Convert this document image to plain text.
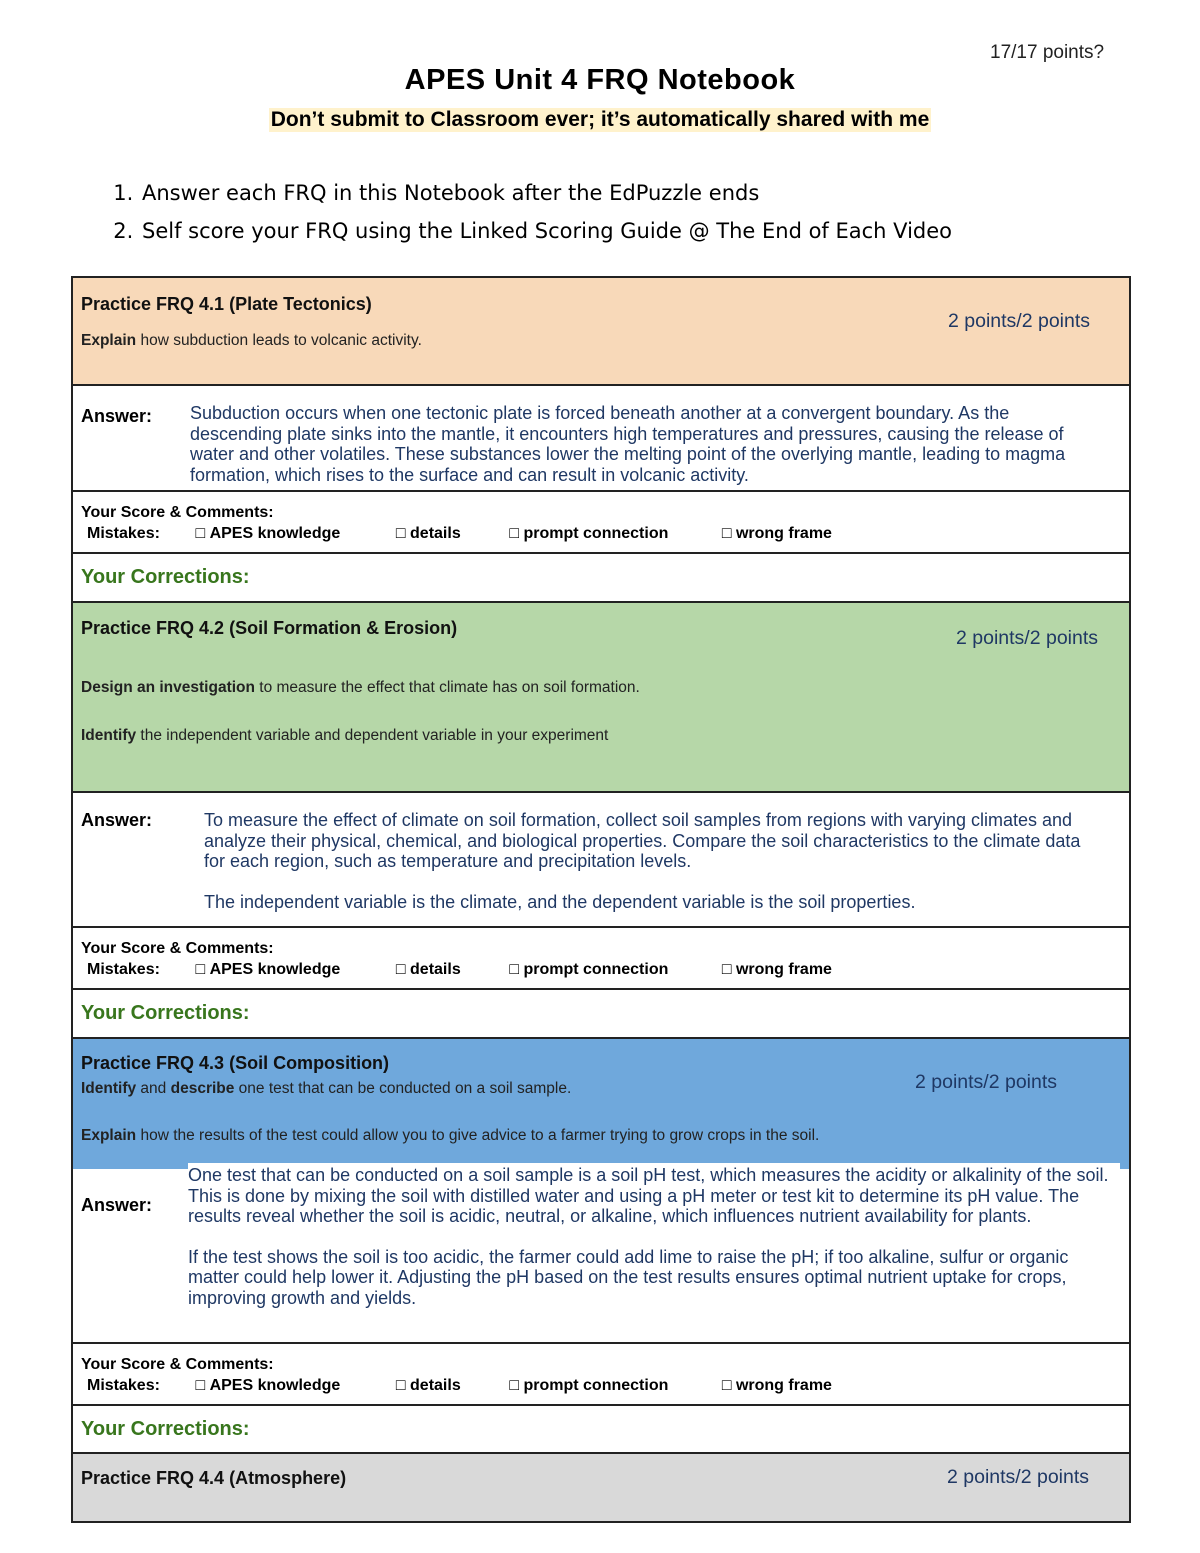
17/17 points?
APES Unit 4 FRQ Notebook
Don’t submit to Classroom ever; it’s automatically shared with me
1. Answer each FRQ in this Notebook after the EdPuzzle ends
2. Self score your FRQ using the Linked Scoring Guide @ The End of Each Video
Practice FRQ 4.1 (Plate Tectonics)
2 points/2 points
Explain how subduction leads to volcanic activity.
Answer: Subduction occurs when one tectonic plate is forced beneath another at a convergent boundary. As the descending plate sinks into the mantle, it encounters high temperatures and pressures, causing the release of water and other volatiles. These substances lower the melting point of the overlying mantle, leading to magma formation, which rises to the surface and can result in volcanic activity.

Your Score & Comments:
Mistakes: □ APES knowledge	□ details	□ prompt connection	□ wrong frame
Your Corrections:
Practice FRQ 4.2 (Soil Formation & Erosion)	2 points/2 points
Design an investigation to measure the effect that climate has on soil formation.
Identify the independent variable and dependent variable in your experiment
Answer:	To measure the effect of climate on soil formation, collect soil samples from regions with varying climates and analyze their physical, chemical, and biological properties. Compare the soil characteristics to the climate data for each region, such as temperature and precipitation levels.

The independent variable is the climate, and the dependent variable is the soil properties.

Your Score & Comments:
Mistakes: □ APES knowledge	□ details	□ prompt connection	□ wrong frame
Your Corrections:
Practice FRQ 4.3 (Soil Composition)
2 points/2 points
Identify and describe one test that can be conducted on a soil sample.
Explain how the results of the test could allow you to give advice to a farmer trying to grow crops in the soil.
Answer:

One test that can be conducted on a soil sample is a soil pH test, which measures the acidity or alkalinity of the soil. This is done by mixing the soil with distilled water and using a pH meter or test kit to determine its pH value. The results reveal whether the soil is acidic, neutral, or alkaline, which influences nutrient availability for plants.

If the test shows the soil is too acidic, the farmer could add lime to raise the pH; if too alkaline, sulfur or organic matter could help lower it. Adjusting the pH based on the test results ensures optimal nutrient uptake for crops, improving growth and yields.

Your Score & Comments:
Mistakes: □ APES knowledge	□ details	□ prompt connection	□ wrong frame
Your Corrections:
Practice FRQ 4.4 (Atmosphere)	2 points/2 points
